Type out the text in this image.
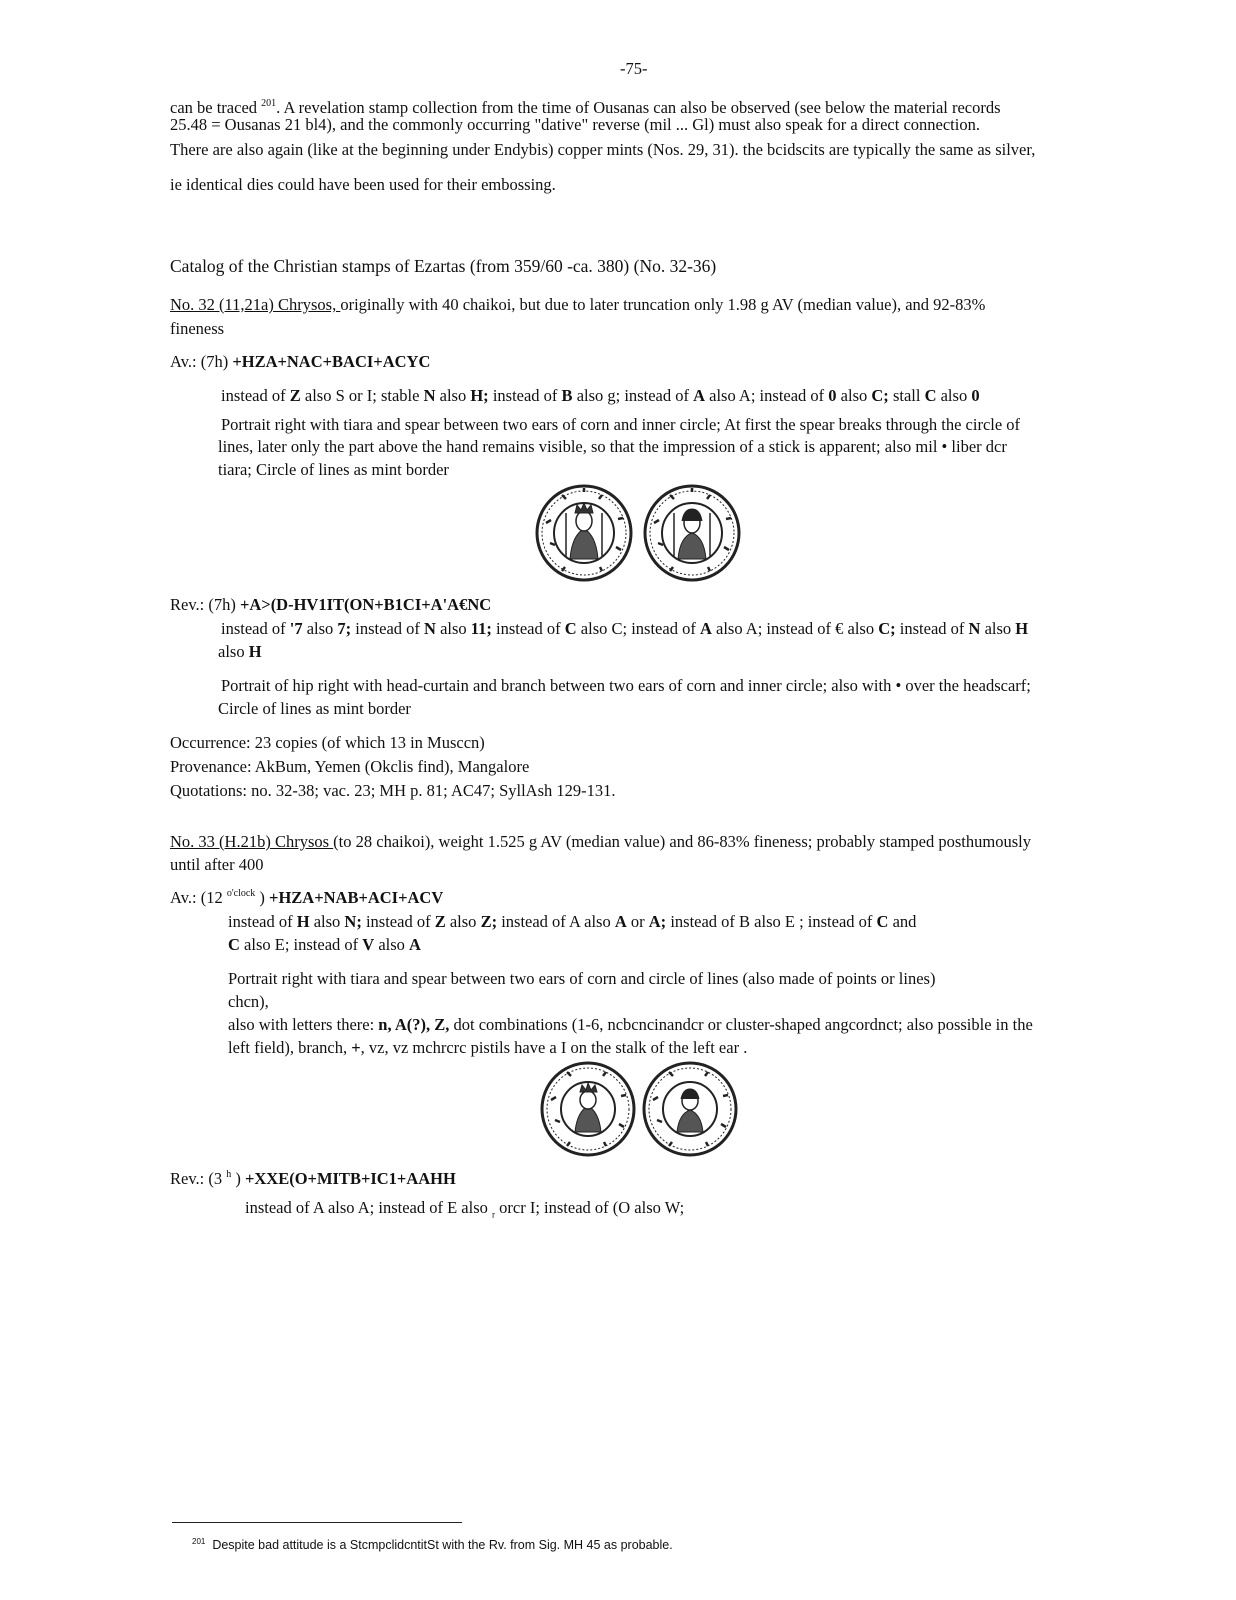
-75-
can be traced $^{201}$. A revelation stamp collection from the time of Ousanas can also be observed (see below the material records
25.48 = Ousanas 21 bl4), and the commonly occurring "dative" reverse (mil ... Gl) must also speak for a direct connection.
There are also again (like at the beginning under Endybis) copper mints (Nos. 29, 31). the bcidscits are typically the same as silver,
ie identical dies could have been used for their embossing.
Catalog of the Christian stamps of Ezartas (from 359/60 -ca. 380) (No. 32-36)
No. 32 (11,21a) Chrysos, originally with 40 chaikoi, but due to later truncation only 1.98 g AV (median value), and 92-83%
fineness
Av.: (7h) +HZA+NAC+BACI+ACYC
instead of Z also S or I; stable N also H; instead of B also g; instead of A also A; instead of 0 also C; stall C also 0
Portrait right with tiara and spear between two ears of corn and inner circle; At first the spear breaks through the circle of
lines, later only the part above the hand remains visible, so that the impression of a stick is apparent; also mil • liber dcr
tiara; Circle of lines as mint border
Rev.: (7h) +A>(D-HV1IT(ON+B1CI+A'A€NC
instead of '7 also 7; instead of N also 11; instead of C also C; instead of A also A; instead of € also C; instead of N also H
also H
Portrait of hip right with head-curtain and branch between two ears of corn and inner circle; also with • over the headscarf;
Circle of lines as mint border
Occurrence: 23 copies (of which 13 in Musccn)
Provenance: AkBum, Yemen (Okclis find), Mangalore
Quotations: no. 32-38; vac. 23; MH p. 81; AC47; SyllAsh 129-131.
No. 33 (H.21b) Chrysos (to 28 chaikoi), weight 1.525 g AV (median value) and 86-83% fineness; probably stamped posthumously
until after 400
Av.: (12 $^{o'clock}$ ) +HZA+NAB+ACI+ACV
instead of H also N; instead of Z also Z; instead of A also A or A; instead of B also E ; instead of C and
C also E; instead of V also A
Portrait right with tiara and spear between two ears of corn and circle of lines (also made of points or lines)
chcn),
also with letters there: n, A(?), Z, dot combinations (1-6, ncbcncinandcr or cluster-shaped angcordnct; also possible in the
left field), branch, +, vz, vz mchrcrc pistils have a I on the stalk of the left ear .
Rev.: (3 $^h$ ) +XXE(O+MITB+IC1+AAHH
instead of A also A; instead of E also $_r$ orcr I; instead of (O also W;
$^{201}$ Despite bad attitude is a StcmpclidcntitSt with the Rv. from Sig. MH 45 as probable.
